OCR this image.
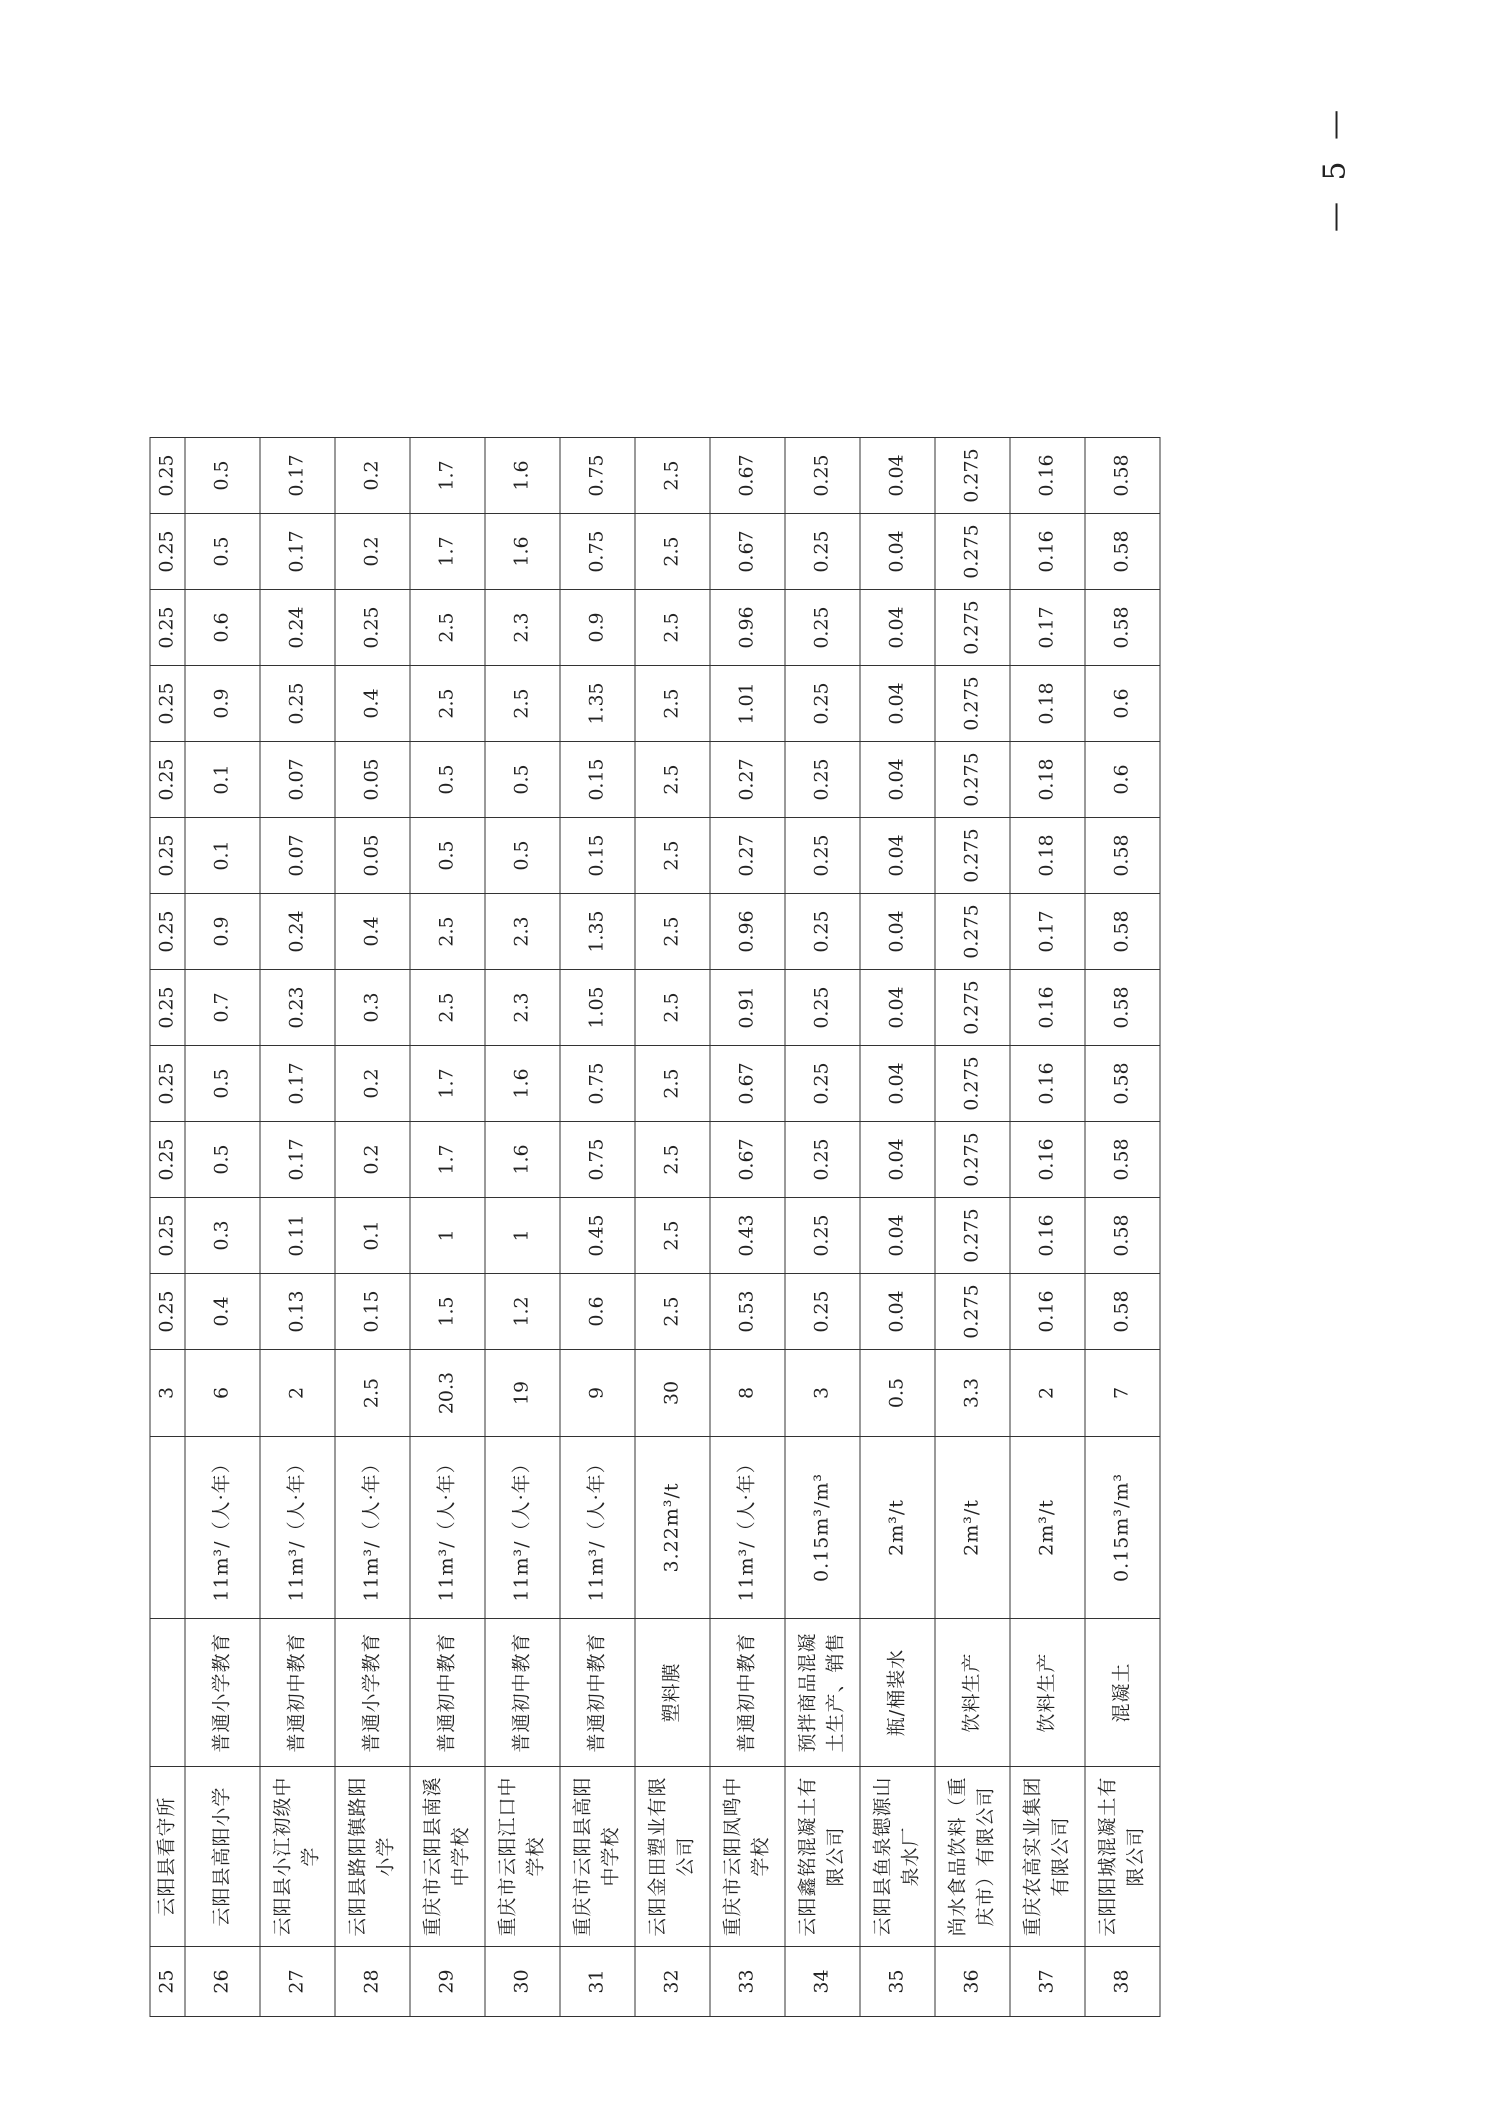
25	云阳县看守所			3	0.25	0.25	0.25	0.25	0.25	0.25	0.25	0.25	0.25	0.25	0.25	0.25
26	云阳县高阳小学	普通小学教育	11m³/（人·年）	6	0.4	0.3	0.5	0.5	0.7	0.9	0.1	0.1	0.9	0.6	0.5	0.5
27	云阳县小江初级中学	普通初中教育	11m³/（人·年）	2	0.13	0.11	0.17	0.17	0.23	0.24	0.07	0.07	0.25	0.24	0.17	0.17
28	云阳县路阳镇路阳小学	普通小学教育	11m³/（人·年）	2.5	0.15	0.1	0.2	0.2	0.3	0.4	0.05	0.05	0.4	0.25	0.2	0.2
29	重庆市云阳县南溪中学校	普通初中教育	11m³/（人·年）	20.3	1.5	1	1.7	1.7	2.5	2.5	0.5	0.5	2.5	2.5	1.7	1.7
30	重庆市云阳江口中学校	普通初中教育	11m³/（人·年）	19	1.2	1	1.6	1.6	2.3	2.3	0.5	0.5	2.5	2.3	1.6	1.6
31	重庆市云阳县高阳中学校	普通初中教育	11m³/（人·年）	9	0.6	0.45	0.75	0.75	1.05	1.35	0.15	0.15	1.35	0.9	0.75	0.75
32	云阳金田塑业有限公司	塑料膜	3.22m³/t	30	2.5	2.5	2.5	2.5	2.5	2.5	2.5	2.5	2.5	2.5	2.5	2.5
33	重庆市云阳凤鸣中学校	普通初中教育	11m³/（人·年）	8	0.53	0.43	0.67	0.67	0.91	0.96	0.27	0.27	1.01	0.96	0.67	0.67
34	云阳鑫铭混凝土有限公司	预拌商品混凝土生产、销售	0.15m³/m³	3	0.25	0.25	0.25	0.25	0.25	0.25	0.25	0.25	0.25	0.25	0.25	0.25
35	云阳县鱼泉锶源山泉水厂	瓶/桶装水	2m³/t	0.5	0.04	0.04	0.04	0.04	0.04	0.04	0.04	0.04	0.04	0.04	0.04	0.04
36	尚水食品饮料（重庆市）有限公司	饮料生产	2m³/t	3.3	0.275	0.275	0.275	0.275	0.275	0.275	0.275	0.275	0.275	0.275	0.275	0.275
37	重庆农高实业集团有限公司	饮料生产	2m³/t	2	0.16	0.16	0.16	0.16	0.16	0.17	0.18	0.18	0.18	0.17	0.16	0.16
38	云阳阳城混凝土有限公司	混凝土	0.15m³/m³	7	0.58	0.58	0.58	0.58	0.58	0.58	0.58	0.6	0.6	0.58	0.58	0.58
— 5 —
